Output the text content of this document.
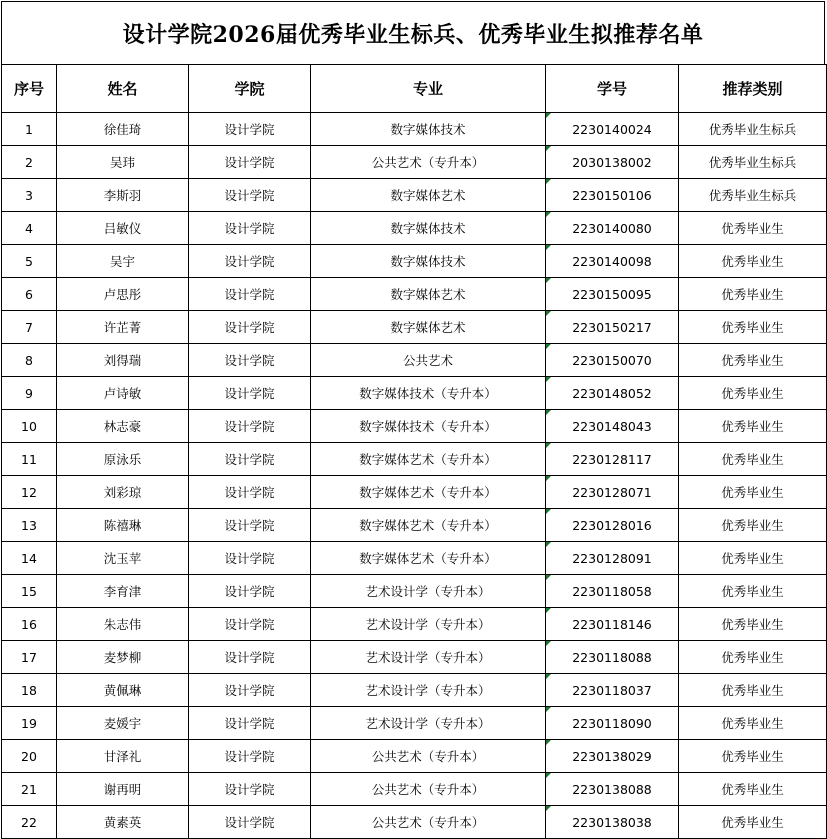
设计学院2026届优秀毕业生标兵、优秀毕业生拟推荐名单
序号	姓名	学院	专业	学号	推荐类别
1	徐佳琦	设计学院	数字媒体技术	2230140024	优秀毕业生标兵
2	吴玮	设计学院	公共艺术（专升本）	2030138002	优秀毕业生标兵
3	李斯羽	设计学院	数字媒体艺术	2230150106	优秀毕业生标兵
4	吕敏仪	设计学院	数字媒体技术	2230140080	优秀毕业生
5	吴宇	设计学院	数字媒体技术	2230140098	优秀毕业生
6	卢思彤	设计学院	数字媒体艺术	2230150095	优秀毕业生
7	许芷菁	设计学院	数字媒体艺术	2230150217	优秀毕业生
8	刘得瑞	设计学院	公共艺术	2230150070	优秀毕业生
9	卢诗敏	设计学院	数字媒体技术（专升本）	2230148052	优秀毕业生
10	林志豪	设计学院	数字媒体技术（专升本）	2230148043	优秀毕业生
11	原泳乐	设计学院	数字媒体艺术（专升本）	2230128117	优秀毕业生
12	刘彩琼	设计学院	数字媒体艺术（专升本）	2230128071	优秀毕业生
13	陈禧琳	设计学院	数字媒体艺术（专升本）	2230128016	优秀毕业生
14	沈玉苹	设计学院	数字媒体艺术（专升本）	2230128091	优秀毕业生
15	李育津	设计学院	艺术设计学（专升本）	2230118058	优秀毕业生
16	朱志伟	设计学院	艺术设计学（专升本）	2230118146	优秀毕业生
17	麦梦柳	设计学院	艺术设计学（专升本）	2230118088	优秀毕业生
18	黄佩琳	设计学院	艺术设计学（专升本）	2230118037	优秀毕业生
19	麦媛宇	设计学院	艺术设计学（专升本）	2230118090	优秀毕业生
20	甘泽礼	设计学院	公共艺术（专升本）	2230138029	优秀毕业生
21	谢再明	设计学院	公共艺术（专升本）	2230138088	优秀毕业生
22	黄素英	设计学院	公共艺术（专升本）	2230138038	优秀毕业生
